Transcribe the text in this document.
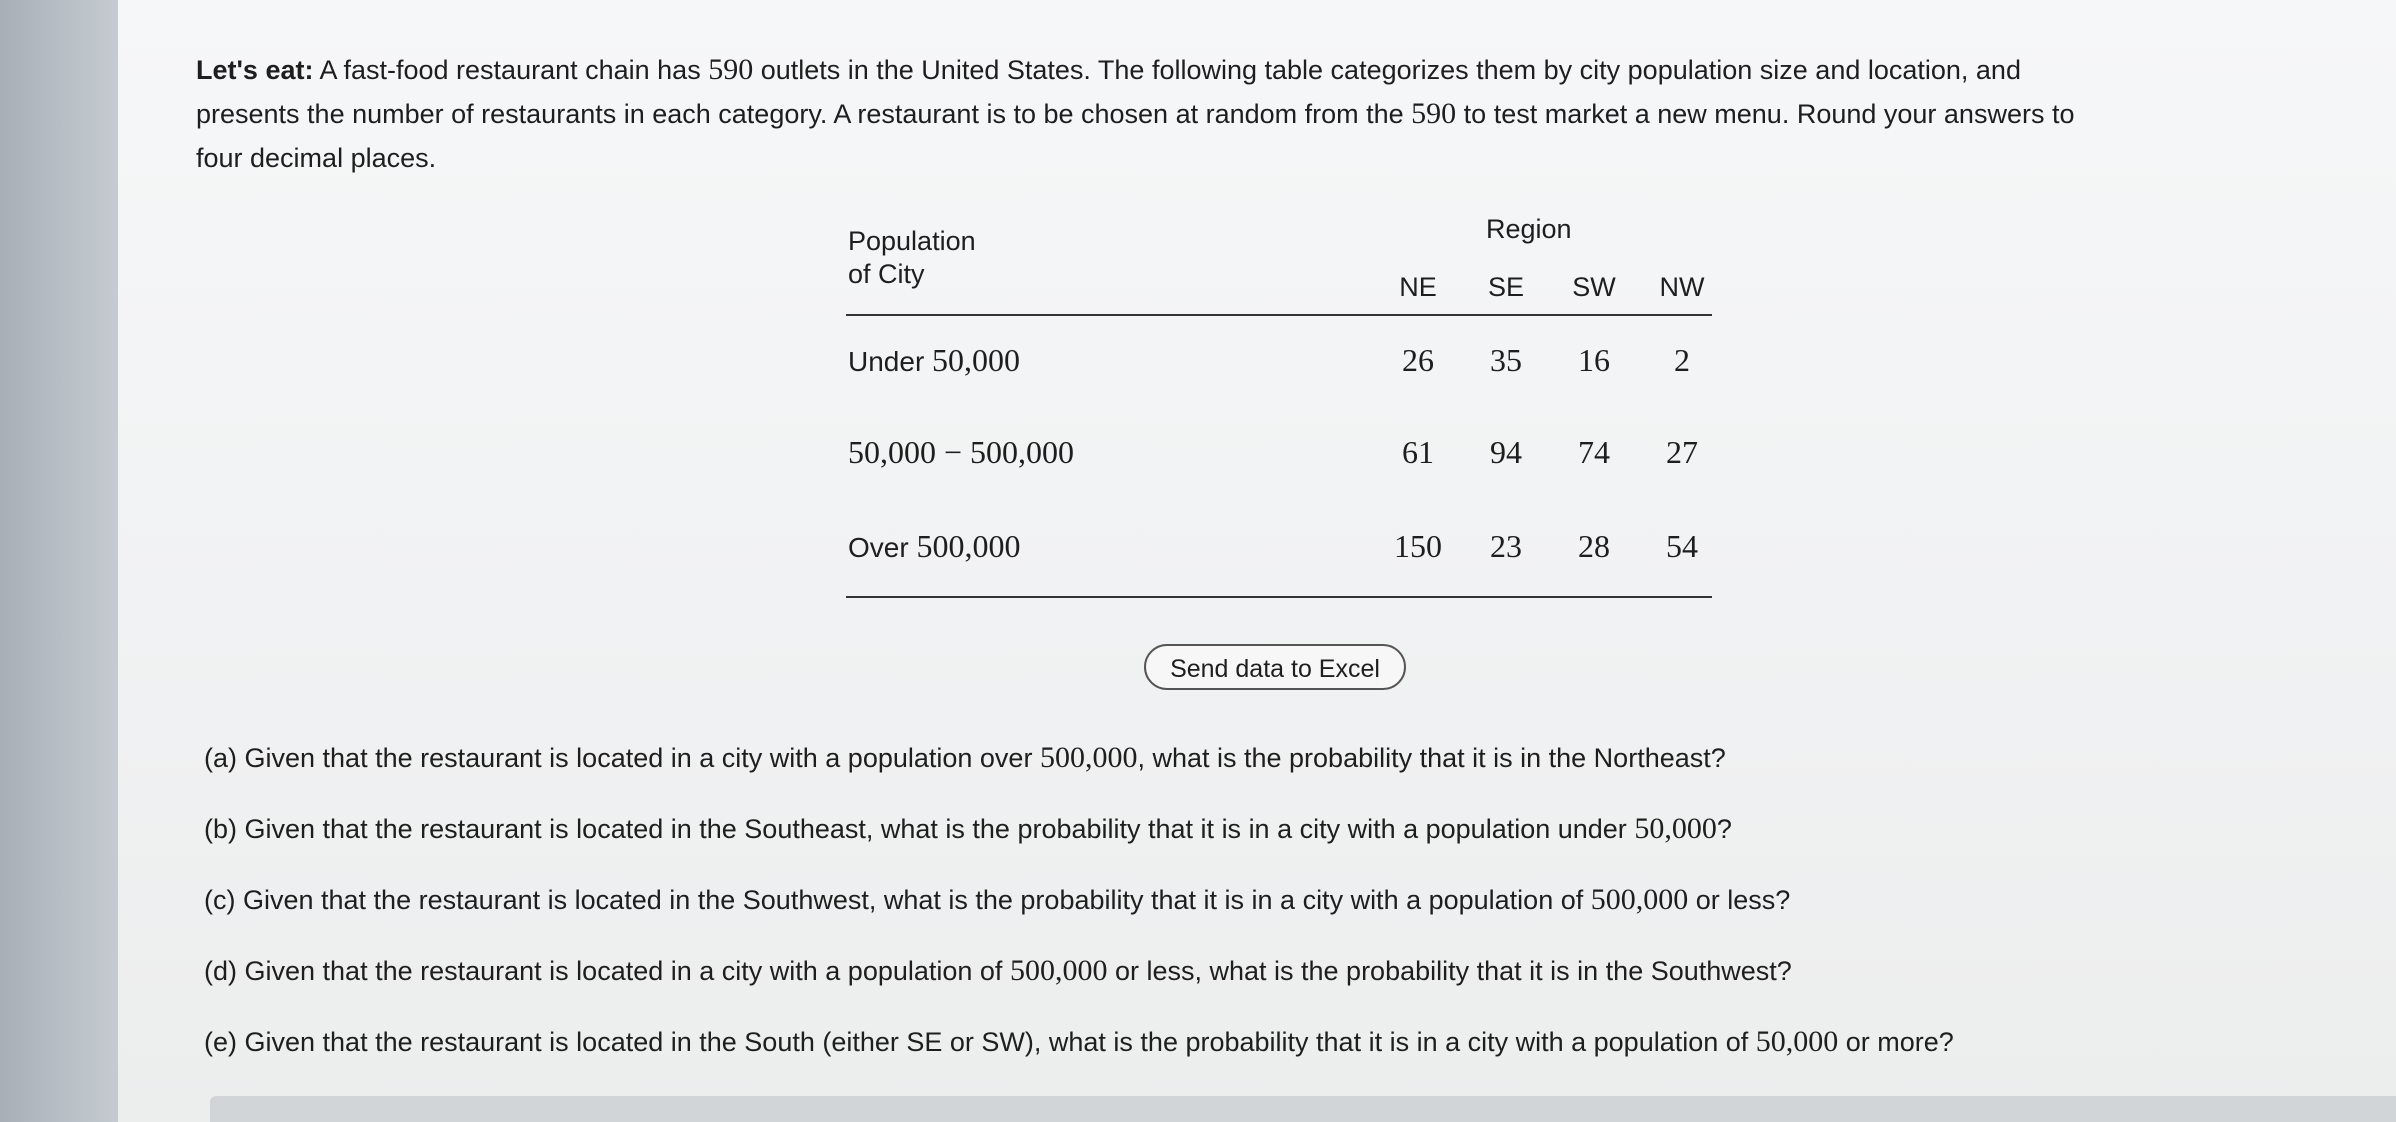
Let's eat: A fast-food restaurant chain has 590 outlets in the United States. The following table categorizes them by city population size and location, and
presents the number of restaurants in each category. A restaurant is to be chosen at random from the 590 to test market a new menu. Round your answers to
four decimal places.
Population
of City
Region
NE	SE	SW	NW
Under 50,000	26	35	16	2
50,000 − 500,000	61	94	74	27
Over 500,000	150	23	28	54
Send data to Excel
(a) Given that the restaurant is located in a city with a population over 500,000, what is the probability that it is in the Northeast?
(b) Given that the restaurant is located in the Southeast, what is the probability that it is in a city with a population under 50,000?
(c) Given that the restaurant is located in the Southwest, what is the probability that it is in a city with a population of 500,000 or less?
(d) Given that the restaurant is located in a city with a population of 500,000 or less, what is the probability that it is in the Southwest?
(e) Given that the restaurant is located in the South (either SE or SW), what is the probability that it is in a city with a population of 50,000 or more?
